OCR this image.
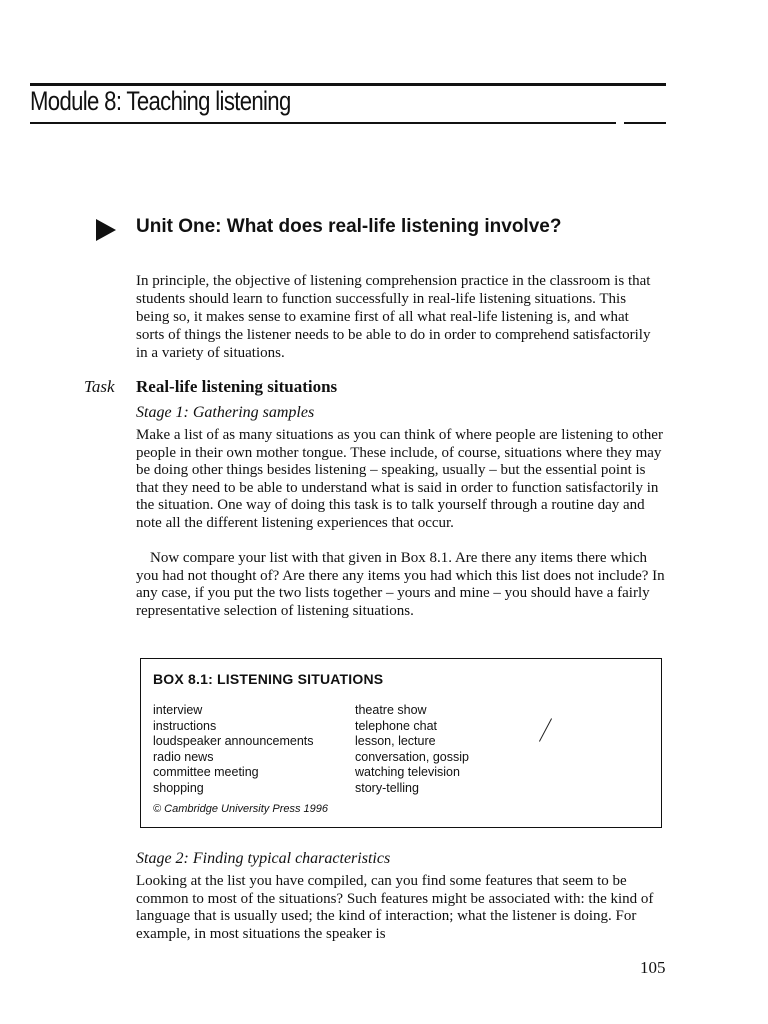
Module 8: Teaching listening
Unit One: What does real-life listening involve?

In principle, the objective of listening comprehension practice in the classroom is that students should learn to function successfully in real-life listening situations. This being so, it makes sense to examine first of all what real-life listening is, and what sorts of things the listener needs to be able to do in order to comprehend satisfactorily in a variety of situations.

Task Real-life listening situations
Stage 1: Gathering samples

Make a list of as many situations as you can think of where people are listening to other people in their own mother tongue. These include, of course, situations where they may be doing other things besides listening – speaking, usually – but the essential point is that they need to be able to understand what is said in order to function satisfactorily in the situation. One way of doing this task is to talk yourself through a routine day and note all the different listening experiences that occur.

Now compare your list with that given in Box 8.1. Are there any items there which you had not thought of? Are there any items you had which this list does not include? In any case, if you put the two lists together – yours and mine – you should have a fairly representative selection of listening situations.

BOX 8.1: LISTENING SITUATIONS
interview
instructions
loudspeaker announcements
radio news
committee meeting
shopping
theatre show
telephone chat
lesson, lecture
conversation, gossip
watching television
story-telling
© Cambridge University Press 1996
Stage 2: Finding typical characteristics

Looking at the list you have compiled, can you find some features that seem to be common to most of the situations? Such features might be associated with: the kind of language that is usually used; the kind of interaction; what the listener is doing. For example, in most situations the speaker is

105
